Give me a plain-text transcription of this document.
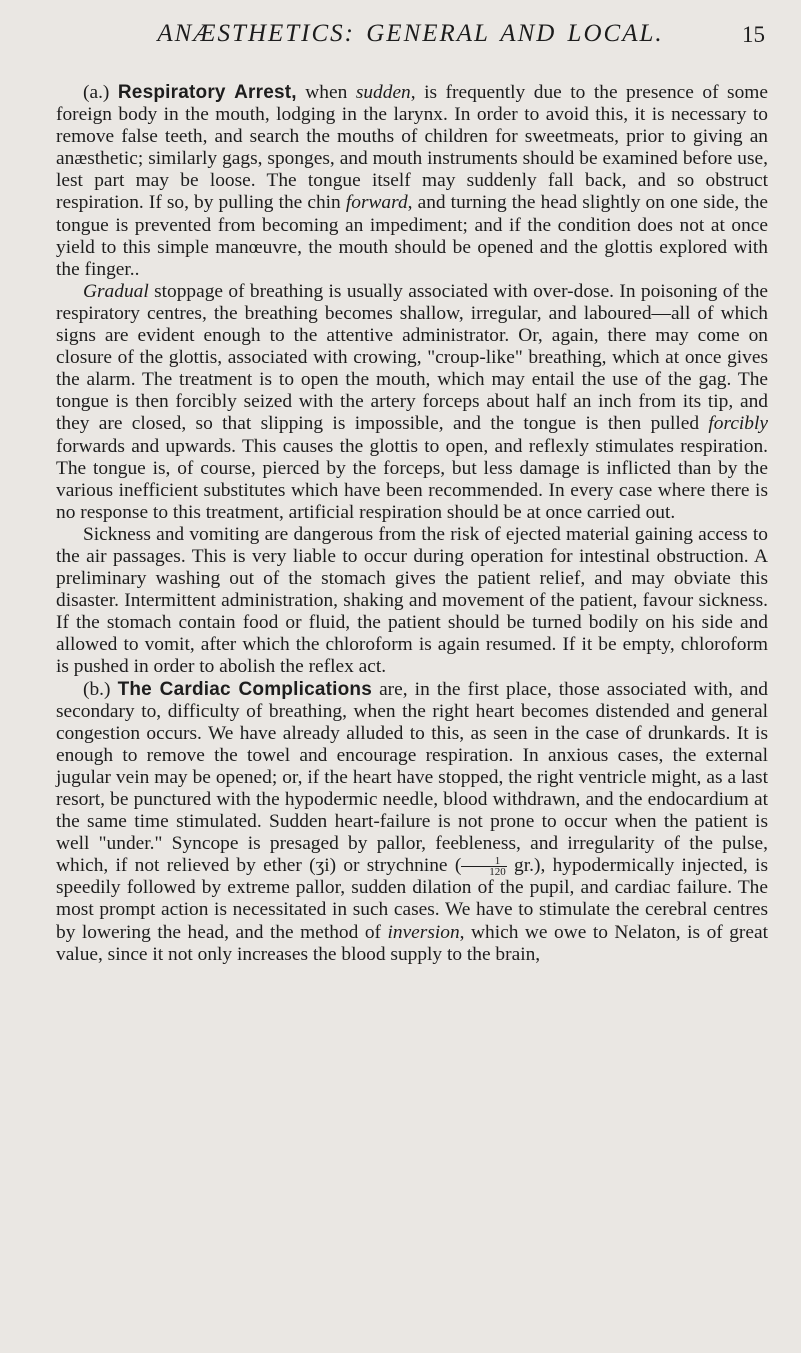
ANÆSTHETICS: GENERAL AND LOCAL.	15

(a.) Respiratory Arrest, when sudden, is frequently due to the presence of some foreign body in the mouth, lodging in the larynx. In order to avoid this, it is necessary to remove false teeth, and search the mouths of children for sweetmeats, prior to giving an anæsthetic; similarly gags, sponges, and mouth instruments should be examined before use, lest part may be loose. The tongue itself may suddenly fall back, and so obstruct respiration. If so, by pulling the chin forward, and turning the head slightly on one side, the tongue is prevented from becoming an impediment; and if the condition does not at once yield to this simple manœuvre, the mouth should be opened and the glottis explored with the finger..

Gradual stoppage of breathing is usually associated with over-dose. In poisoning of the respiratory centres, the breathing becomes shallow, irregular, and laboured—all of which signs are evident enough to the attentive administrator. Or, again, there may come on closure of the glottis, associated with crowing, "croup-like" breathing, which at once gives the alarm. The treatment is to open the mouth, which may entail the use of the gag. The tongue is then forcibly seized with the artery forceps about half an inch from its tip, and they are closed, so that slipping is impossible, and the tongue is then pulled forcibly forwards and upwards. This causes the glottis to open, and reflexly stimulates respiration. The tongue is, of course, pierced by the forceps, but less damage is inflicted than by the various inefficient substitutes which have been recommended. In every case where there is no response to this treatment, artificial respiration should be at once carried out.

Sickness and vomiting are dangerous from the risk of ejected material gaining access to the air passages. This is very liable to occur during operation for intestinal obstruction. A preliminary washing out of the stomach gives the patient relief, and may obviate this disaster. Intermittent administration, shaking and movement of the patient, favour sickness. If the stomach contain food or fluid, the patient should be turned bodily on his side and allowed to vomit, after which the chloroform is again resumed. If it be empty, chloroform is pushed in order to abolish the reflex act.

(b.) The Cardiac Complications are, in the first place, those associated with, and secondary to, difficulty of breathing, when the right heart becomes distended and general congestion occurs. We have already alluded to this, as seen in the case of drunkards. It is enough to remove the towel and encourage respiration. In anxious cases, the external jugular vein may be opened; or, if the heart have stopped, the right ventricle might, as a last resort, be punctured with the hypodermic needle, blood withdrawn, and the endocardium at the same time stimulated. Sudden heart-failure is not prone to occur when the patient is well "under." Syncope is presaged by pallor, feebleness, and irregularity of the pulse, which, if not relieved by ether (ʒi) or strychnine ( $\frac{1}{120} gr$.), hypodermically injected, is speedily followed by extreme pallor, sudden dilation of the pupil, and cardiac failure. The most prompt action is necessitated in such cases. We have to stimulate the cerebral centres by lowering the head, and the method of inversion, which we owe to Nelaton, is of great value, since it not only increases the blood supply to the brain,
